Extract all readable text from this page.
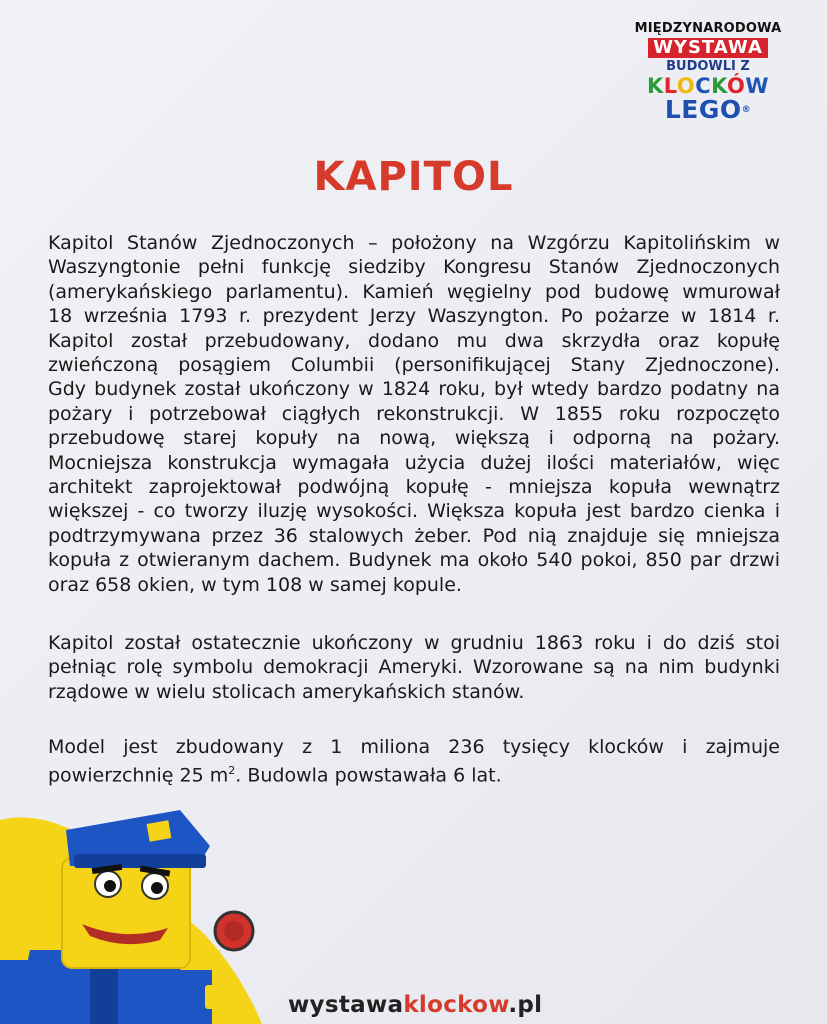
MIĘDZYNARODOWA
WYSTAWA
BUDOWLI Z
KLOCKÓW
LEGO®
KAPITOL
Kapitol Stanów Zjednoczonych – położony na Wzgórzu Kapitolińskim w
Waszyngtonie pełni funkcję siedziby Kongresu Stanów Zjednoczonych
(amerykańskiego parlamentu). Kamień węgielny pod budowę wmurował
18 września 1793 r. prezydent Jerzy Waszyngton. Po pożarze w 1814 r.
Kapitol został przebudowany, dodano mu dwa skrzydła oraz kopułę
zwieńczoną posągiem Columbii (personifikującej Stany Zjednoczone).
Gdy budynek został ukończony w 1824 roku, był wtedy bardzo podatny na
pożary i potrzebował ciągłych rekonstrukcji. W 1855 roku rozpoczęto
przebudowę starej kopuły na nową, większą i odporną na pożary.
Mocniejsza konstrukcja wymagała użycia dużej ilości materiałów, więc
architekt zaprojektował podwójną kopułę - mniejsza kopuła wewnątrz
większej - co tworzy iluzję wysokości. Większa kopuła jest bardzo cienka i
podtrzymywana przez 36 stalowych żeber. Pod nią znajduje się mniejsza
kopuła z otwieranym dachem. Budynek ma około 540 pokoi, 850 par drzwi
oraz 658 okien, w tym 108 w samej kopule.
Kapitol został ostatecznie ukończony w grudniu 1863 roku i do dziś stoi
pełniąc rolę symbolu demokracji Ameryki. Wzorowane są na nim budynki
rządowe w wielu stolicach amerykańskich stanów.
Model jest zbudowany z 1 miliona 236 tysięcy klocków i zajmuje
powierzchnię 25 $m^2$. Budowla powstawała 6 lat.
wystawaklockow.pl
